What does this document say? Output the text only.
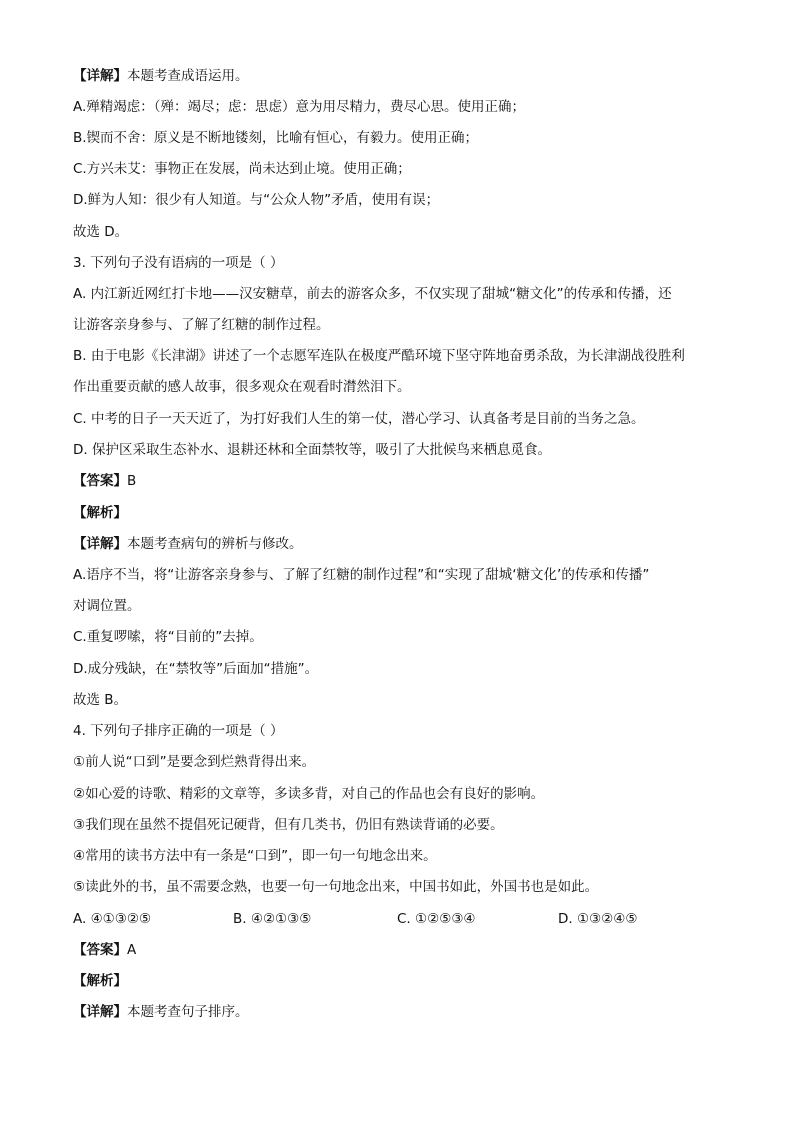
【详解】本题考查成语运用。
A.殚精竭虑：（殚：竭尽；虑：思虑）意为用尽精力，费尽心思。使用正确；
B.锲而不舍：原义是不断地镂刻，比喻有恒心，有毅力。使用正确；
C.方兴未艾：事物正在发展，尚未达到止境。使用正确；
D.鲜为人知：很少有人知道。与“公众人物”矛盾，使用有误；
故选 D。
3. 下列句子没有语病的一项是（ ）
A. 内江新近网红打卡地——汉安糖草，前去的游客众多，不仅实现了甜城“糖文化”的传承和传播，还
让游客亲身参与、了解了红糖的制作过程。
B. 由于电影《长津湖》讲述了一个志愿军连队在极度严酷环境下坚守阵地奋勇杀敌，为长津湖战役胜利
作出重要贡献的感人故事，很多观众在观看时潸然泪下。
C. 中考的日子一天天近了，为打好我们人生的第一仗，潜心学习、认真备考是目前的当务之急。
D. 保护区采取生态补水、退耕还林和全面禁牧等，吸引了大批候鸟来栖息觅食。
【答案】B
【解析】
【详解】本题考查病句的辨析与修改。
A.语序不当，将“让游客亲身参与、了解了红糖的制作过程”和“实现了甜城‘糖文化’的传承和传播”
对调位置。
C.重复啰嗦，将“目前的”去掉。
D.成分残缺，在“禁牧等”后面加“措施”。
故选 B。
4. 下列句子排序正确的一项是（ ）
①前人说“口到”是要念到烂熟背得出来。
②如心爱的诗歌、精彩的文章等，多读多背，对自己的作品也会有良好的影响。
③我们现在虽然不提倡死记硬背，但有几类书，仍旧有熟读背诵的必要。
④常用的读书方法中有一条是“口到”，即一句一句地念出来。
⑤读此外的书，虽不需要念熟，也要一句一句地念出来，中国书如此，外国书也是如此。
A. ④①③②⑤	B. ④②①③⑤	C. ①②⑤③④	D. ①③②④⑤
【答案】A
【解析】
【详解】本题考查句子排序。
